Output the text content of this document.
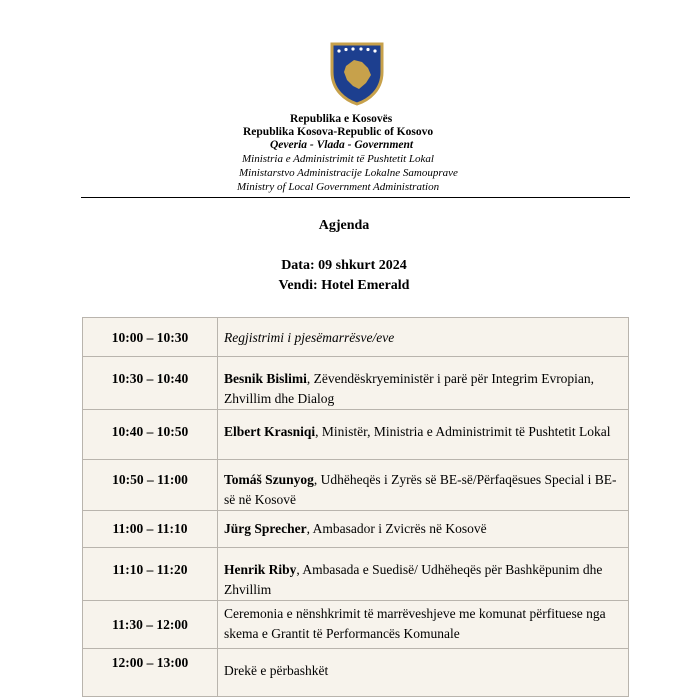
Republika e Kosovës
Republika Kosova-Republic of Kosovo
Qeveria - Vlada - Government
Ministria e Administrimit të Pushtetit Lokal
Ministarstvo Administracije Lokalne Samouprave
Ministry of Local Government Administration
Agjenda
Data: 09 shkurt 2024
Vendi: Hotel Emerald
10:00 – 10:30	Regjistrimi i pjesëmarrësve/eve
10:30 – 10:40	Besnik Bislimi, Zëvendëskryeministër i parë për Integrim Evropian, Zhvillim dhe Dialog
10:40 – 10:50	Elbert Krasniqi, Ministër, Ministria e Administrimit të Pushtetit Lokal
10:50 – 11:00	Tomáš Szunyog, Udhëheqës i Zyrës së BE-së/Përfaqësues Special i BE-së në Kosovë
11:00 – 11:10	Jürg Sprecher, Ambasador i Zvicrës në Kosovë
11:10 – 11:20	Henrik Riby, Ambasada e Suedisë/ Udhëheqës për Bashkëpunim dhe Zhvillim
11:30 – 12:00	Ceremonia e nënshkrimit të marrëveshjeve me komunat përfituese nga skema e Grantit të Performancës Komunale
12:00 – 13:00	Drekë e përbashkët
